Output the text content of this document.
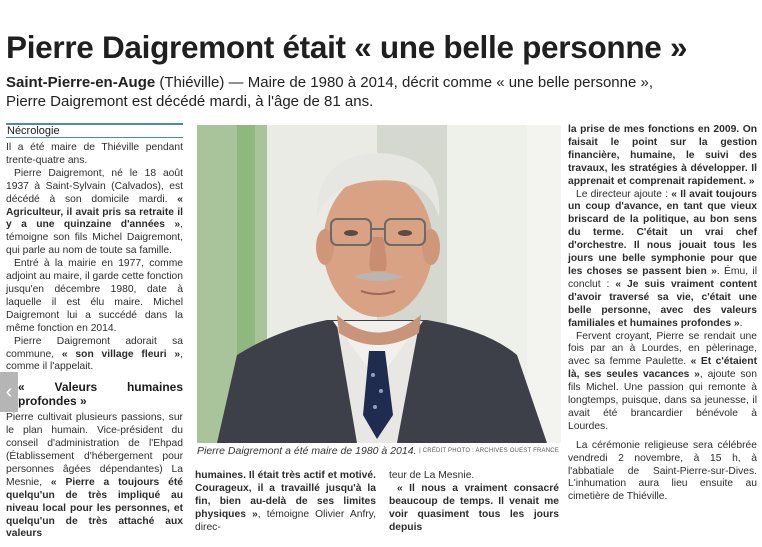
Pierre Daigremont était « une belle personne »
Saint-Pierre-en-Auge (Thiéville) — Maire de 1980 à 2014, décrit comme « une belle personne »,
Pierre Daigremont est décédé mardi, à l'âge de 81 ans.
Nécrologie

Il a été maire de Thiéville pendant trente-quatre ans.

Pierre Daigremont, né le 18 août 1937 à Saint-Sylvain (Calvados), est décédé à son domicile mardi. « Agriculteur, il avait pris sa retraite il y a une quinzaine d'années », témoigne son fils Michel Daigremont, qui parle au nom de toute sa famille.

Entré à la mairie en 1977, comme adjoint au maire, il garde cette fonction jusqu'en décembre 1980, date à laquelle il est élu maire. Michel Daigremont lui a succédé dans la même fonction en 2014.

Pierre Daigremont adorait sa commune, « son village fleuri », comme il l'appelait.

« Valeurs humaines profondes »

Pierre cultivait plusieurs passions, sur le plan humain. Vice-président du conseil d'administration de l'Ehpad (Établissement d'hébergement pour personnes âgées dépendantes) La Mesnie, « Pierre a toujours été quelqu'un de très impliqué au niveau local pour les personnes, et quelqu'un de très attaché aux valeurs

Pierre Daigremont a été maire de 1980 à 2014. | CRÉDIT PHOTO : ARCHIVES OUEST FRANCE

humaines. Il était très actif et motivé. Courageux, il a travaillé jusqu'à la fin, bien au-delà de ses limites physiques », témoigne Olivier Anfry, direc-

teur de La Mesnie.

« Il nous a vraiment consacré beaucoup de temps. Il venait me voir quasiment tous les jours depuis

la prise de mes fonctions en 2009. On faisait le point sur la gestion financière, humaine, le suivi des travaux, les stratégies à développer. Il apprenait et comprenait rapidement. »

Le directeur ajoute : « Il avait toujours un coup d'avance, en tant que vieux briscard de la politique, au bon sens du terme. C'était un vrai chef d'orchestre. Il nous jouait tous les jours une belle symphonie pour que les choses se passent bien ». Ému, il conclut : « Je suis vraiment content d'avoir traversé sa vie, c'était une belle personne, avec des valeurs familiales et humaines profondes ».

Fervent croyant, Pierre se rendait une fois par an à Lourdes, en pèlerinage, avec sa femme Paulette. « Et c'étaient là, ses seules vacances », ajoute son fils Michel. Une passion qui remonte à longtemps, puisque, dans sa jeunesse, il avait été brancardier bénévole à Lourdes.

La cérémonie religieuse sera célébrée vendredi 2 novembre, à 15 h, à l'abbatiale de Saint-Pierre-sur-Dives. L'inhumation aura lieu ensuite au cimetière de Thiéville.

‹
